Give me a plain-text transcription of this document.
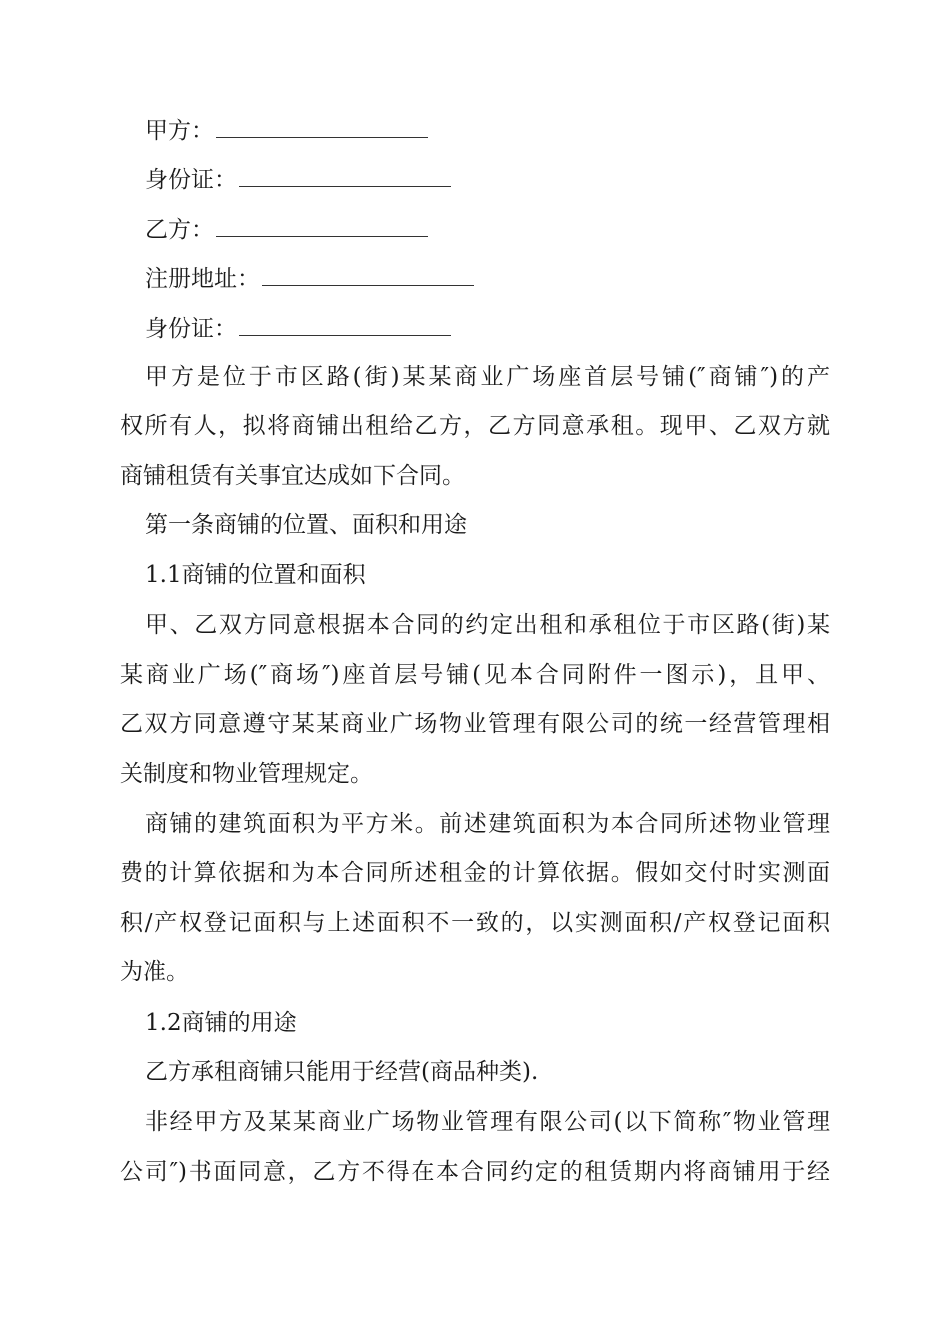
甲方：
身份证：
乙方：
注册地址：
身份证：
甲方是位于市区路(街)某某商业广场座首层号铺(″商铺″)的产
权所有人，拟将商铺出租给乙方，乙方同意承租。现甲、乙双方就
商铺租赁有关事宜达成如下合同。
第一条商铺的位置、面积和用途
1.1商铺的位置和面积
甲、乙双方同意根据本合同的约定出租和承租位于市区路(街)某
某商业广场(″商场″)座首层号铺(见本合同附件一图示)，且甲、
乙双方同意遵守某某商业广场物业管理有限公司的统一经营管理相
关制度和物业管理规定。
商铺的建筑面积为平方米。前述建筑面积为本合同所述物业管理
费的计算依据和为本合同所述租金的计算依据。假如交付时实测面
积/产权登记面积与上述面积不一致的，以实测面积/产权登记面积
为准。
1.2商铺的用途
乙方承租商铺只能用于经营(商品种类).
非经甲方及某某商业广场物业管理有限公司(以下简称″物业管理
公司″)书面同意，乙方不得在本合同约定的租赁期内将商铺用于经
